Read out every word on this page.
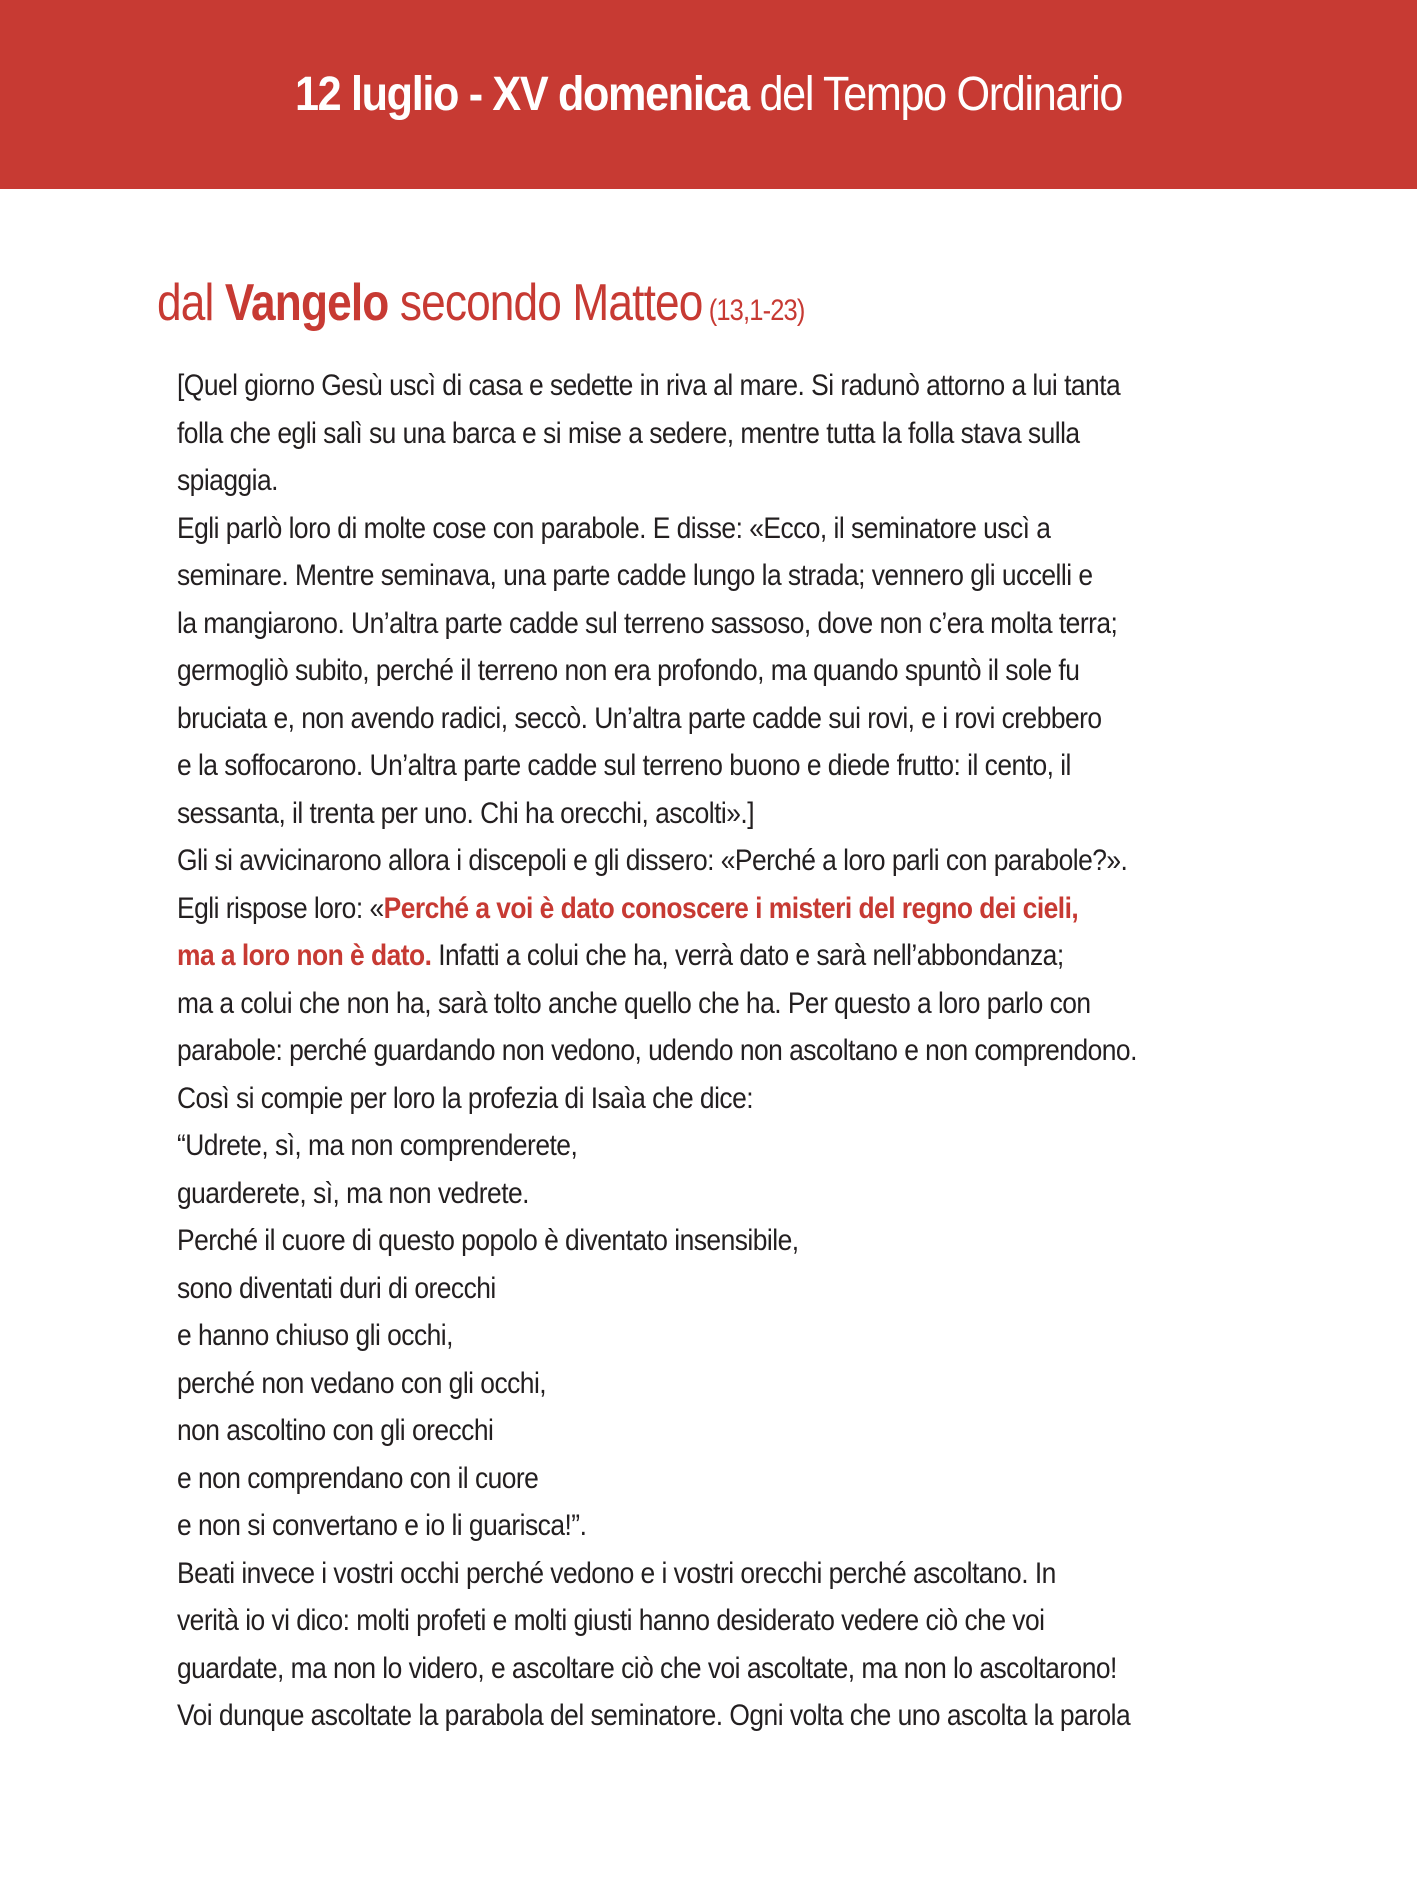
12 luglio - XV domenica del Tempo Ordinario
dal Vangelo secondo Matteo (13,1-23)
[Quel giorno Gesù uscì di casa e sedette in riva al mare. Si radunò attorno a lui tanta
folla che egli salì su una barca e si mise a sedere, mentre tutta la folla stava sulla
spiaggia.
Egli parlò loro di molte cose con parabole. E disse: «Ecco, il seminatore uscì a
seminare. Mentre seminava, una parte cadde lungo la strada; vennero gli uccelli e
la mangiarono. Un’altra parte cadde sul terreno sassoso, dove non c’era molta terra;
germogliò subito, perché il terreno non era profondo, ma quando spuntò il sole fu
bruciata e, non avendo radici, seccò. Un’altra parte cadde sui rovi, e i rovi crebbero
e la soffocarono. Un’altra parte cadde sul terreno buono e diede frutto: il cento, il
sessanta, il trenta per uno. Chi ha orecchi, ascolti».]
Gli si avvicinarono allora i discepoli e gli dissero: «Perché a loro parli con parabole?».
Egli rispose loro: «Perché a voi è dato conoscere i misteri del regno dei cieli,
ma a loro non è dato. Infatti a colui che ha, verrà dato e sarà nell’abbondanza;
ma a colui che non ha, sarà tolto anche quello che ha. Per questo a loro parlo con
parabole: perché guardando non vedono, udendo non ascoltano e non comprendono.
Così si compie per loro la profezia di Isaìa che dice:
“Udrete, sì, ma non comprenderete,
guarderete, sì, ma non vedrete.
Perché il cuore di questo popolo è diventato insensibile,
sono diventati duri di orecchi
e hanno chiuso gli occhi,
perché non vedano con gli occhi,
non ascoltino con gli orecchi
e non comprendano con il cuore
e non si convertano e io li guarisca!”.
Beati invece i vostri occhi perché vedono e i vostri orecchi perché ascoltano. In
verità io vi dico: molti profeti e molti giusti hanno desiderato vedere ciò che voi
guardate, ma non lo videro, e ascoltare ciò che voi ascoltate, ma non lo ascoltarono!
Voi dunque ascoltate la parabola del seminatore. Ogni volta che uno ascolta la parola
